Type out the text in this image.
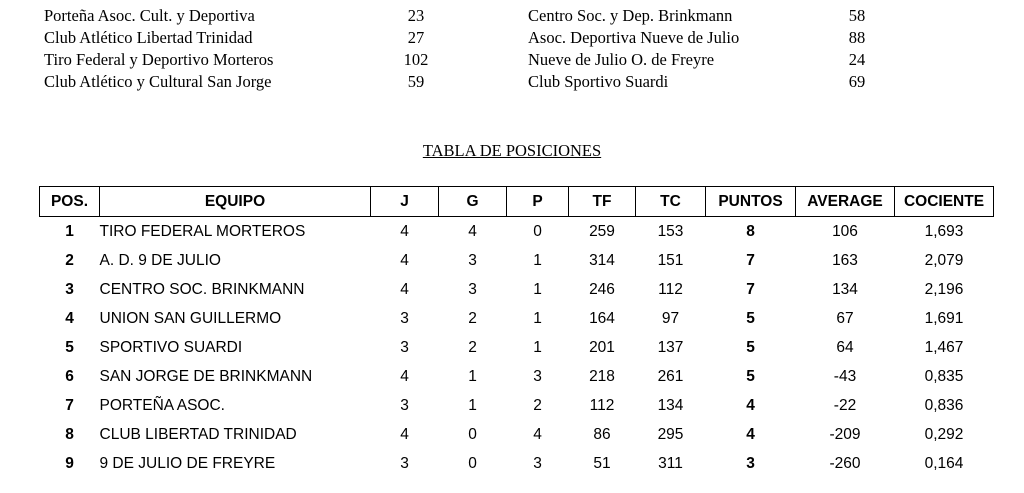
Porteña Asoc. Cult. y Deportiva	23
Club Atlético Libertad Trinidad	27
Tiro Federal y Deportivo Morteros	102
Club Atlético y Cultural San Jorge	59
Centro Soc. y Dep. Brinkmann	58
Asoc. Deportiva Nueve de Julio	88
Nueve de Julio O. de Freyre	24
Club Sportivo Suardi	69
TABLA DE POSICIONES
POS.	EQUIPO	J	G	P	TF	TC	PUNTOS	AVERAGE	COCIENTE
1	TIRO FEDERAL MORTEROS	4	4	0	259	153	8	106	1,693
2	A. D. 9 DE JULIO	4	3	1	314	151	7	163	2,079
3	CENTRO SOC. BRINKMANN	4	3	1	246	112	7	134	2,196
4	UNION SAN GUILLERMO	3	2	1	164	97	5	67	1,691
5	SPORTIVO SUARDI	3	2	1	201	137	5	64	1,467
6	SAN JORGE DE BRINKMANN	4	1	3	218	261	5	-43	0,835
7	PORTEÑA ASOC.	3	1	2	112	134	4	-22	0,836
8	CLUB LIBERTAD TRINIDAD	4	0	4	86	295	4	-209	0,292
9	9 DE JULIO DE FREYRE	3	0	3	51	311	3	-260	0,164
